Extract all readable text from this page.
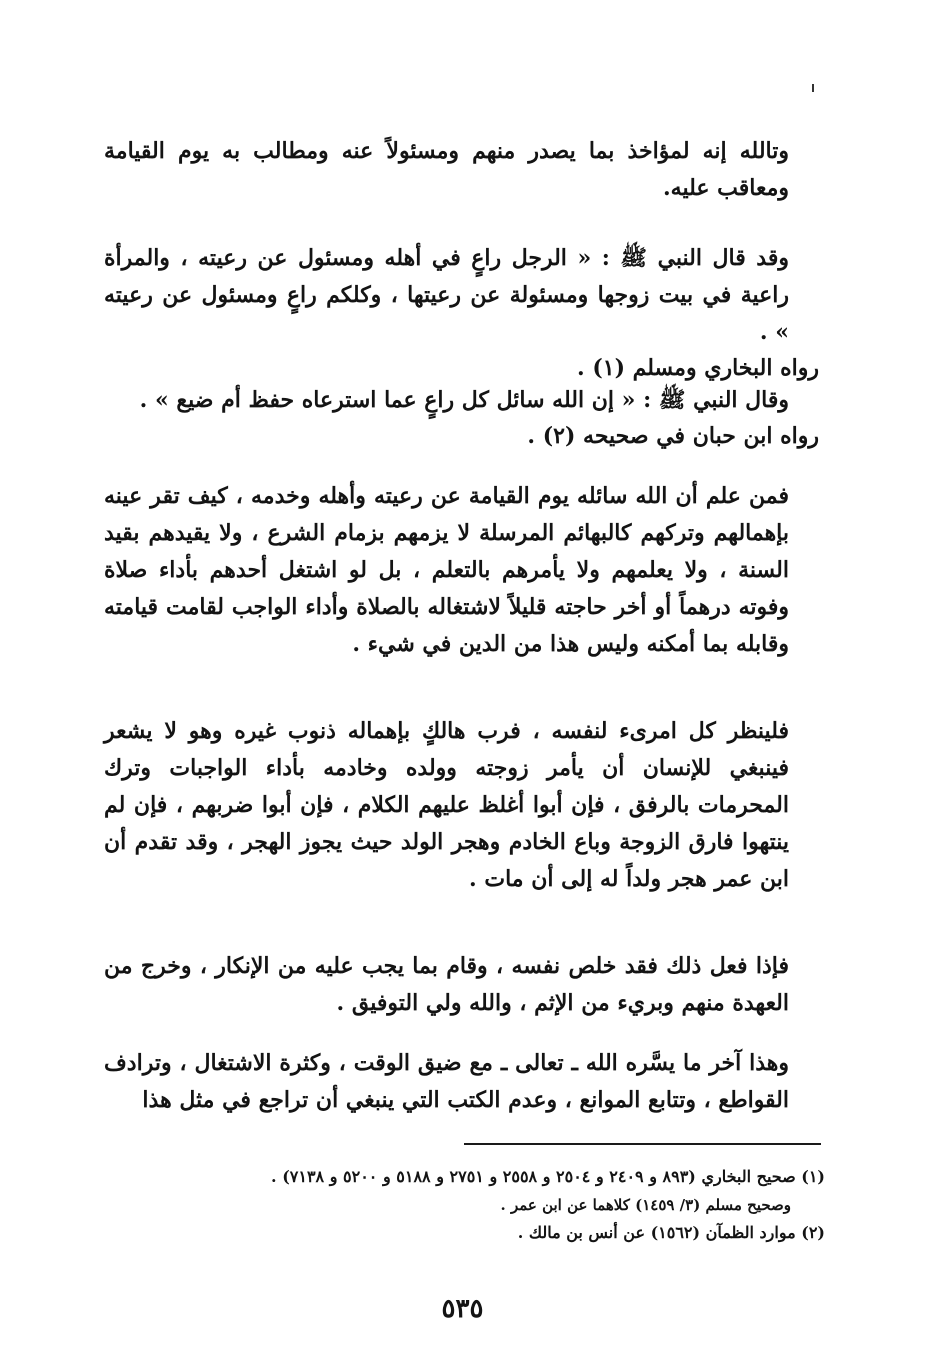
وتالله إنه لمؤاخذ بما يصدر منهم ومسئولاً عنه ومطالب به يوم القيامة ومعاقب عليه.

وقد قال النبي ﷺ : « الرجل راعٍ في أهله ومسئول عن رعيته ، والمرأة راعية في بيت زوجها ومسئولة عن رعيتها ، وكلكم راعٍ ومسئول عن رعيته » .

رواه البخاري ومسلم (١) .

وقال النبي ﷺ : « إن الله سائل كل راعٍ عما استرعاه حفظ أم ضيع » .

رواه ابن حبان في صحيحه (٢) .

فمن علم أن الله سائله يوم القيامة عن رعيته وأهله وخدمه ، كيف تقر عينه بإهمالهم وتركهم كالبهائم المرسلة لا يزمهم بزمام الشرع ، ولا يقيدهم بقيد السنة ، ولا يعلمهم ولا يأمرهم بالتعلم ، بل لو اشتغل أحدهم بأداء صلاة وفوته درهماً أو أخر حاجته قليلاً لاشتغاله بالصلاة وأداء الواجب لقامت قيامته وقابله بما أمكنه وليس هذا من الدين في شيء .

فلينظر كل امرىء لنفسه ، فرب هالكٍ بإهماله ذنوب غيره وهو لا يشعر فينبغي للإنسان أن يأمر زوجته وولده وخادمه بأداء الواجبات وترك المحرمات بالرفق ، فإن أبوا أغلظ عليهم الكلام ، فإن أبوا ضربهم ، فإن لم ينتهوا فارق الزوجة وباع الخادم وهجر الولد حيث يجوز الهجر ، وقد تقدم أن ابن عمر هجر ولداً له إلى أن مات .

فإذا فعل ذلك فقد خلص نفسه ، وقام بما يجب عليه من الإنكار ، وخرج من العهدة منهم وبريء من الإثم ، والله ولي التوفيق .

وهذا آخر ما يسَّره الله ـ تعالى ـ مع ضيق الوقت ، وكثرة الاشتغال ، وترادف القواطع ، وتتابع الموانع ، وعدم الكتب التي ينبغي أن تراجع في مثل هذا

(١) صحيح البخاري (٨٩٣ و ٢٤٠٩ و ٢٥٠٤ و ٢٥٥٨ و ٢٧٥١ و ٥١٨٨ و ٥٢٠٠ و ٧١٣٨) .

وصحيح مسلم (٣/ ١٤٥٩) كلاهما عن ابن عمر .

(٢) موارد الظمآن (١٥٦٢) عن أنس بن مالك .

٥٣٥
